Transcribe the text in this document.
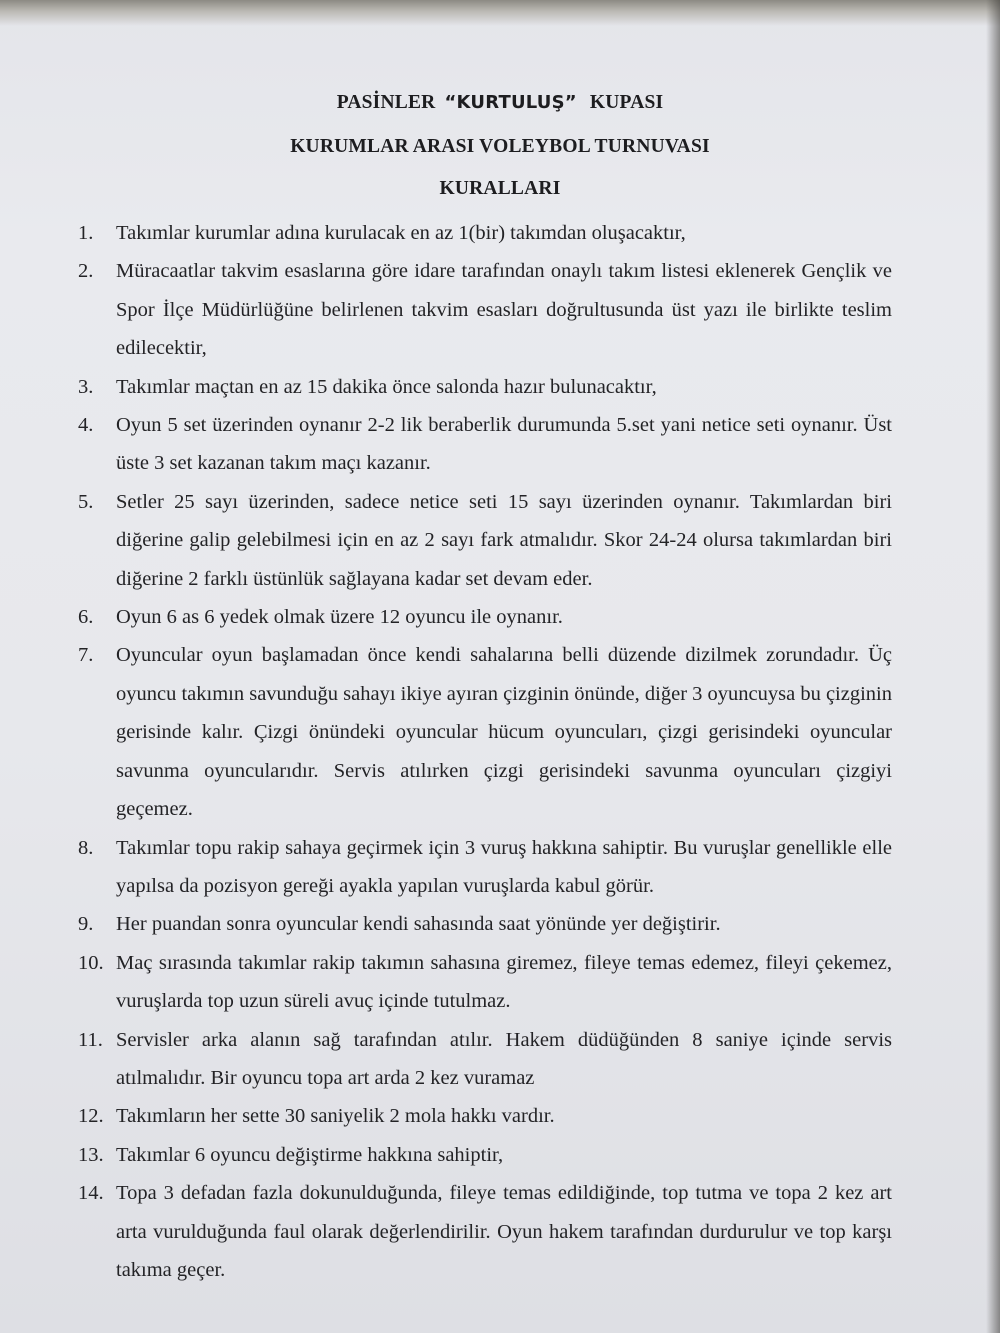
PASİNLER “KURTULUŞ” KUPASI
KURUMLAR ARASI VOLEYBOL TURNUVASI
KURALLARI
1.	Takımlar kurumlar adına kurulacak en az 1(bir) takımdan oluşacaktır,
2.	Müracaatlar takvim esaslarına göre idare tarafından onaylı takım listesi eklenerek Gençlik ve Spor İlçe Müdürlüğüne belirlenen takvim esasları doğrultusunda üst yazı ile birlikte teslim edilecektir,
3.	Takımlar maçtan en az 15 dakika önce salonda hazır bulunacaktır,
4.	Oyun 5 set üzerinden oynanır 2-2 lik beraberlik durumunda 5.set yani netice seti oynanır. Üst üste 3 set kazanan takım maçı kazanır.
5.	Setler 25 sayı üzerinden, sadece netice seti 15 sayı üzerinden oynanır. Takımlardan biri diğerine galip gelebilmesi için en az 2 sayı fark atmalıdır. Skor 24-24 olursa takımlardan biri diğerine 2 farklı üstünlük sağlayana kadar set devam eder.
6.	Oyun 6 as 6 yedek olmak üzere 12 oyuncu ile oynanır.
7.	Oyuncular oyun başlamadan önce kendi sahalarına belli düzende dizilmek zorundadır. Üç oyuncu takımın savunduğu sahayı ikiye ayıran çizginin önünde, diğer 3 oyuncuysa bu çizginin gerisinde kalır. Çizgi önündeki oyuncular hücum oyuncuları, çizgi gerisindeki oyuncular savunma oyuncularıdır. Servis atılırken çizgi gerisindeki savunma oyuncuları çizgiyi geçemez.
8.	Takımlar topu rakip sahaya geçirmek için 3 vuruş hakkına sahiptir. Bu vuruşlar genellikle elle yapılsa da pozisyon gereği ayakla yapılan vuruşlarda kabul görür.
9.	Her puandan sonra oyuncular kendi sahasında saat yönünde yer değiştirir.
10. Maç sırasında takımlar rakip takımın sahasına giremez, fileye temas edemez, fileyi çekemez, vuruşlarda top uzun süreli avuç içinde tutulmaz.
11. Servisler arka alanın sağ tarafından atılır. Hakem düdüğünden 8 saniye içinde servis atılmalıdır. Bir oyuncu topa art arda 2 kez vuramaz
12. Takımların her sette 30 saniyelik 2 mola hakkı vardır.
13. Takımlar 6 oyuncu değiştirme hakkına sahiptir,
14. Topa 3 defadan fazla dokunulduğunda, fileye temas edildiğinde, top tutma ve topa 2 kez art arta vurulduğunda faul olarak değerlendirilir. Oyun hakem tarafından durdurulur ve top karşı takıma geçer.
